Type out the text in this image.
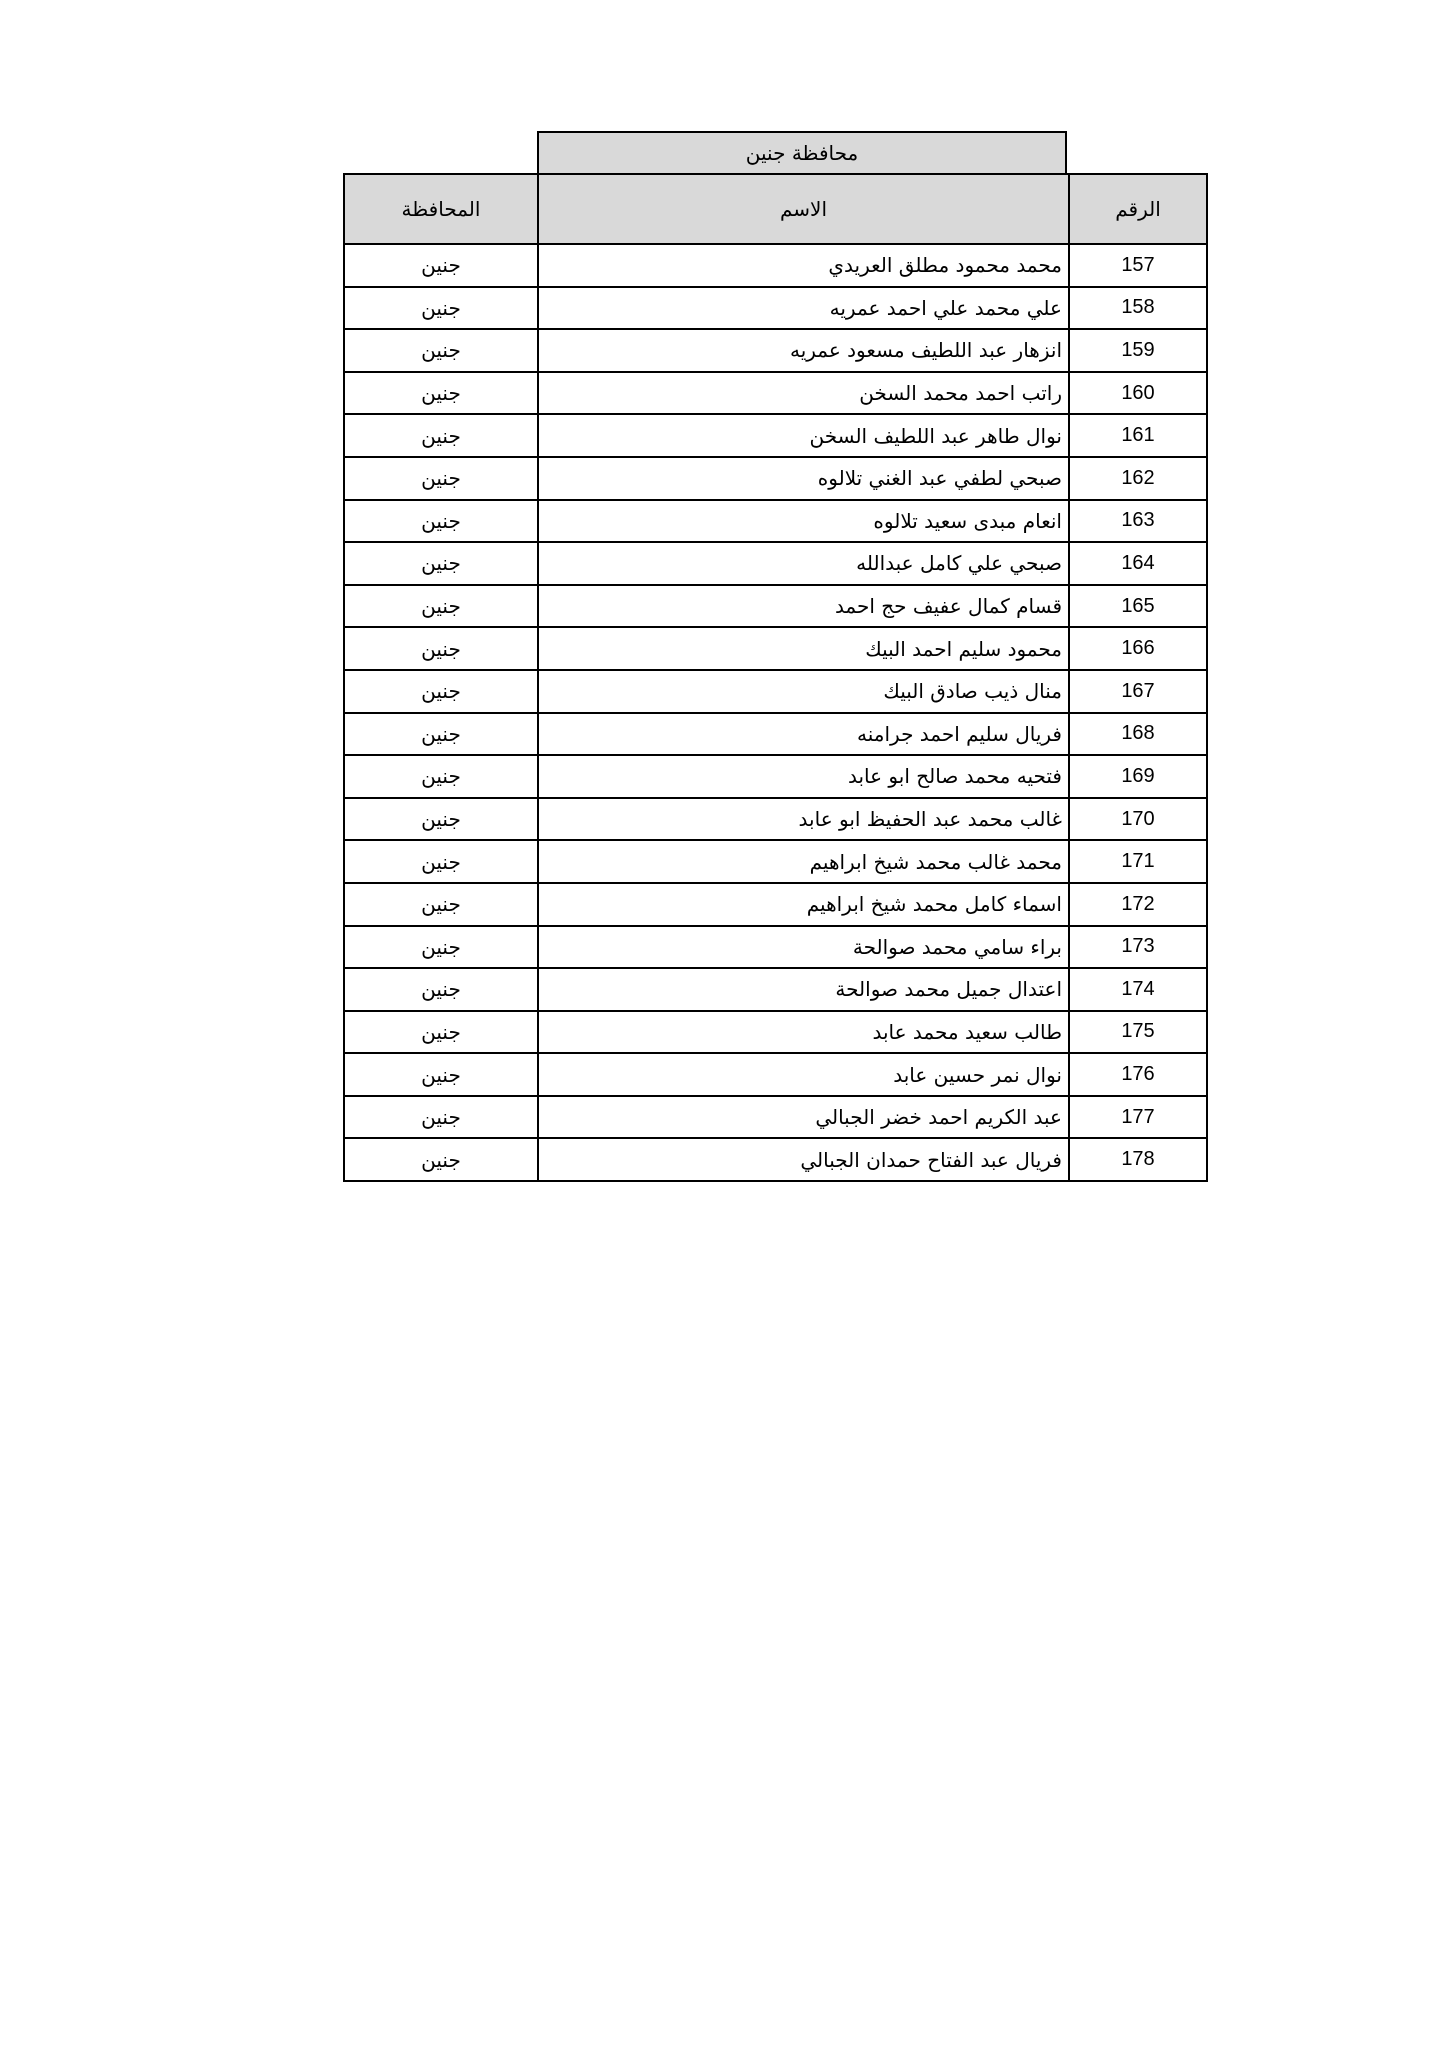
محافظة جنين
المحافظة	الاسم	الرقم
جنين	محمد محمود مطلق العريدي	157
جنين	علي محمد علي احمد عمريه	158
جنين	انزهار عبد اللطيف مسعود عمريه	159
جنين	راتب احمد محمد السخن	160
جنين	نوال طاهر عبد اللطيف السخن	161
جنين	صبحي لطفي عبد الغني تلالوه	162
جنين	انعام مبدى سعيد تلالوه	163
جنين	صبحي علي كامل عبدالله	164
جنين	قسام كمال عفيف حج احمد	165
جنين	محمود سليم احمد البيك	166
جنين	منال ذيب صادق البيك	167
جنين	فريال سليم احمد جرامنه	168
جنين	فتحيه محمد صالح ابو عابد	169
جنين	غالب محمد عبد الحفيظ ابو عابد	170
جنين	محمد غالب محمد شيخ ابراهيم	171
جنين	اسماء كامل محمد شيخ ابراهيم	172
جنين	براء سامي محمد صوالحة	173
جنين	اعتدال جميل محمد صوالحة	174
جنين	طالب سعيد محمد عابد	175
جنين	نوال نمر حسين عابد	176
جنين	عبد الكريم احمد خضر الجبالي	177
جنين	فريال عبد الفتاح حمدان الجبالي	178
